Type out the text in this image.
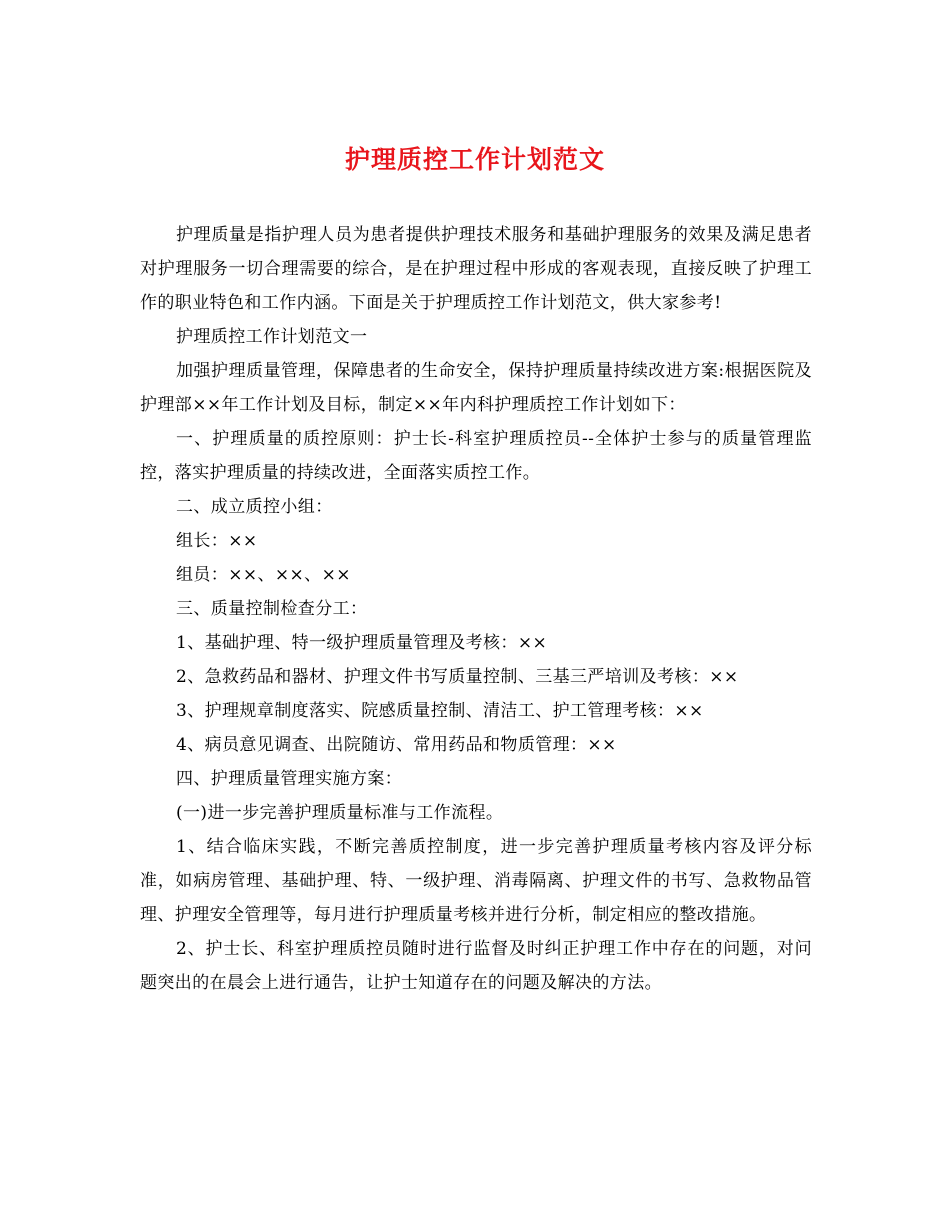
护理质控工作计划范文

护理质量是指护理人员为患者提供护理技术服务和基础护理服务的效果及满足患者对护理服务一切合理需要的综合，是在护理过程中形成的客观表现，直接反映了护理工作的职业特色和工作内涵。下面是关于护理质控工作计划范文，供大家参考!

护理质控工作计划范文一

加强护理质量管理，保障患者的生命安全，保持护理质量持续改进方案:根据医院及护理部××年工作计划及目标，制定××年内科护理质控工作计划如下：

一、护理质量的质控原则：护士长-科室护理质控员--全体护士参与的质量管理监控，落实护理质量的持续改进，全面落实质控工作。

二、成立质控小组：

组长：××

组员：××、××、××

三、质量控制检查分工：

1、基础护理、特一级护理质量管理及考核：××

2、急救药品和器材、护理文件书写质量控制、三基三严培训及考核：××

3、护理规章制度落实、院感质量控制、清洁工、护工管理考核：××

4、病员意见调查、出院随访、常用药品和物质管理：××

四、护理质量管理实施方案：

(一)进一步完善护理质量标准与工作流程。

1、结合临床实践，不断完善质控制度，进一步完善护理质量考核内容及评分标准，如病房管理、基础护理、特、一级护理、消毒隔离、护理文件的书写、急救物品管理、护理安全管理等，每月进行护理质量考核并进行分析，制定相应的整改措施。

2、护士长、科室护理质控员随时进行监督及时纠正护理工作中存在的问题，对问题突出的在晨会上进行通告，让护士知道存在的问题及解决的方法。
